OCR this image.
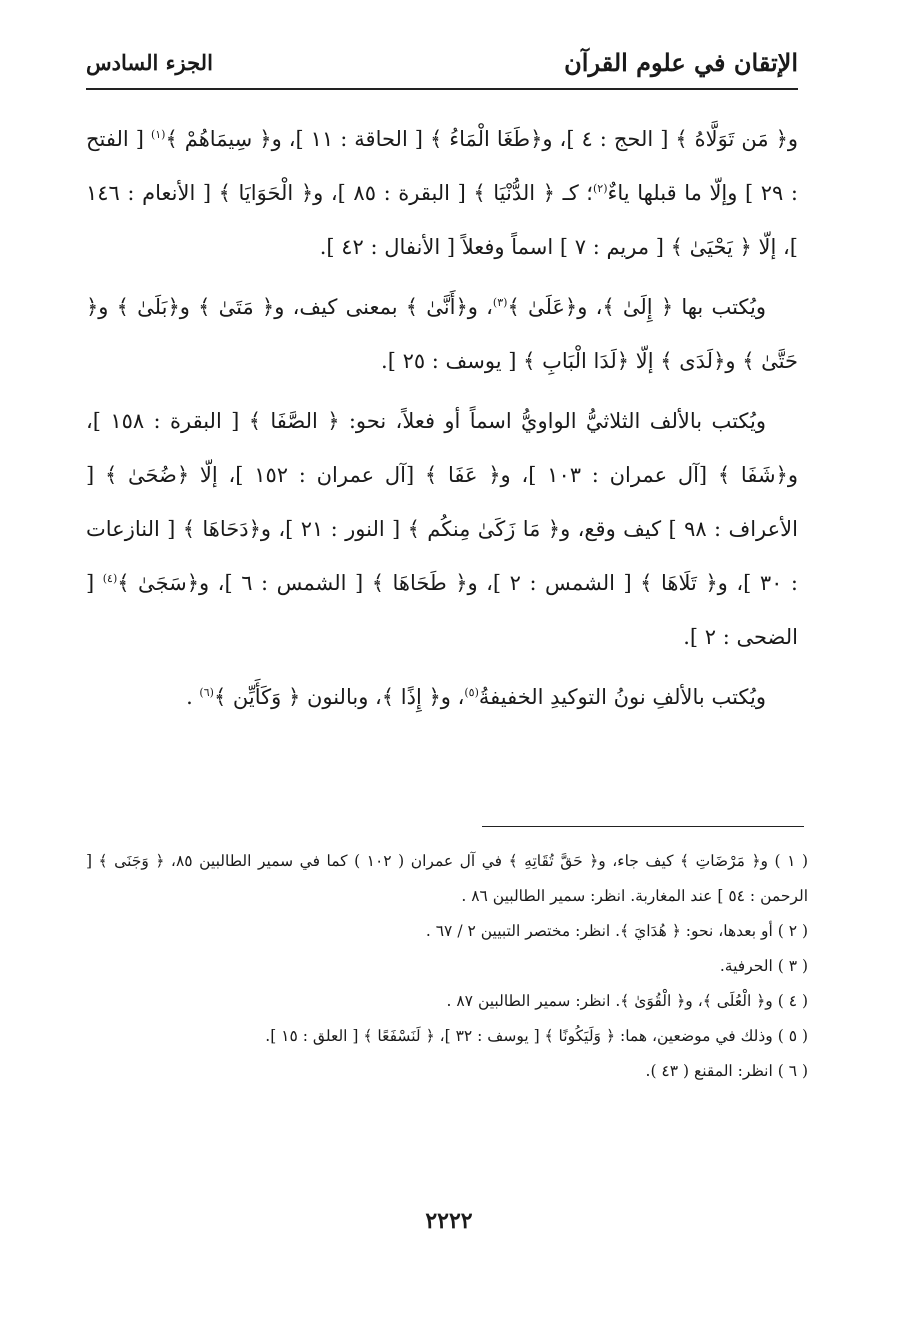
الإتقان في علوم القرآن
الجزء السادس

و﴿ مَن تَوَلَّاهُ ﴾ [ الحج : ٤ ]، و﴿طَغَا الْمَاءُ ﴾ [ الحاقة : ١١ ]، و﴿ سِيمَاهُمْ ﴾$^{(١)}$ [ الفتح : ٢٩ ] وإلّا ما قبلها ياءٌ$^{(٢)}$؛ كـ ﴿ الدُّنْيَا ﴾ [ البقرة : ٨٥ ]، و﴿ الْحَوَايَا ﴾ [ الأنعام : ١٤٦ ]، إلّا ﴿ يَحْيَىٰ ﴾ [ مريم : ٧ ] اسماً وفعلاً [ الأنفال : ٤٢ ].

ويُكتب بها ﴿ إِلَىٰ ﴾، و﴿عَلَىٰ ﴾$^{(٣)}$، و﴿أَنَّىٰ ﴾ بمعنى كيف، و﴿ مَتَىٰ ﴾ و﴿بَلَىٰ ﴾ و﴿ حَتَّىٰ ﴾ و﴿لَدَى ﴾ إلّا ﴿لَدَا الْبَابِ ﴾ [ يوسف : ٢٥ ].

ويُكتب بالألف الثلاثيُّ الواويُّ اسماً أو فعلاً، نحو: ﴿ الصَّفَا ﴾ [ البقرة : ١٥٨ ]، و﴿شَفَا ﴾ [آل عمران : ١٠٣ ]، و﴿ عَفَا ﴾ [آل عمران : ١٥٢ ]، إلّا ﴿ضُحَىٰ ﴾ [ الأعراف : ٩٨ ] كيف وقع، و﴿ مَا زَكَىٰ مِنكُم ﴾ [ النور : ٢١ ]، و﴿دَحَاهَا ﴾ [ النازعات : ٣٠ ]، و﴿ تَلَاهَا ﴾ [ الشمس : ٢ ]، و﴿ طَحَاهَا ﴾ [ الشمس : ٦ ]، و﴿سَجَىٰ ﴾$^{(٤)}$ [ الضحى : ٢ ].

ويُكتب بالألفِ نونُ التوكيدِ الخفيفةُ$^{(٥)}$، و﴿ إِذًا ﴾، وبالنون ﴿ وَكَأَيِّن ﴾$^{(٦)}$ .

( ١ ) و﴿ مَرْضَاتِ ﴾ كيف جاء، و﴿ حَقَّ تُقَاتِهِ ﴾ في آل عمران ( ١٠٢ ) كما في سمير الطالبين ٨٥، ﴿ وَجَنَى ﴾ [ الرحمن : ٥٤ ] عند المغاربة. انظر: سمير الطالبين ٨٦ .

( ٢ ) أو بعدها، نحو: ﴿ هُدَايَ ﴾. انظر: مختصر التبيين ٢ / ٦٧ .

( ٣ ) الحرفية.

( ٤ ) و﴿ الْعُلَى ﴾، و﴿ الْقُوَىٰ ﴾. انظر: سمير الطالبين ٨٧ .

( ٥ ) وذلك في موضعين، هما: ﴿ وَلَيَكُونًا ﴾ [ يوسف : ٣٢ ]، ﴿ لَنَسْفَعًا ﴾ [ العلق : ١٥ ].

( ٦ ) انظر: المقنع ( ٤٣ ).

٢٢٢٢
